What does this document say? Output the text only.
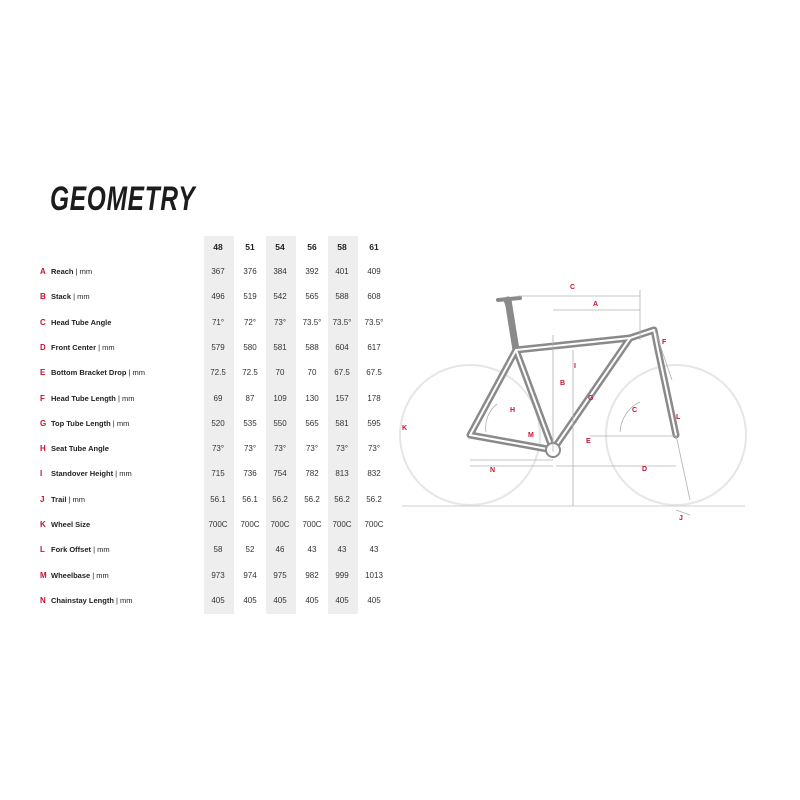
GEOMETRY
48	51	54	56	58	61
A Reach | mm	367	376	384	392	401	409
B Stack | mm	496	519	542	565	588	608
C Head Tube Angle	71°	72°	73°	73.5°	73.5°	73.5°
D Front Center | mm	579	580	581	588	604	617
E Bottom Bracket Drop | mm	72.5	72.5	70	70	67.5	67.5
F Head Tube Length | mm	69	87	109	130	157	178
G Top Tube Length | mm	520	535	550	565	581	595
H Seat Tube Angle	73°	73°	73°	73°	73°	73°
I	Standover Height | mm	715	736	754	782	813	832
J Trail | mm	56.1	56.1	56.2	56.2	56.2	56.2
K Wheel Size	700C	700C	700C	700C	700C	700C
L Fork Offset | mm	58	52	46	43	43	43
M Wheelbase | mm	973	974	975	982	999	1013
N Chainstay Length | mm	405	405	405	405	405	405
C
A
I
B
F
G
H	C
L
K
M
E
N	D
J
